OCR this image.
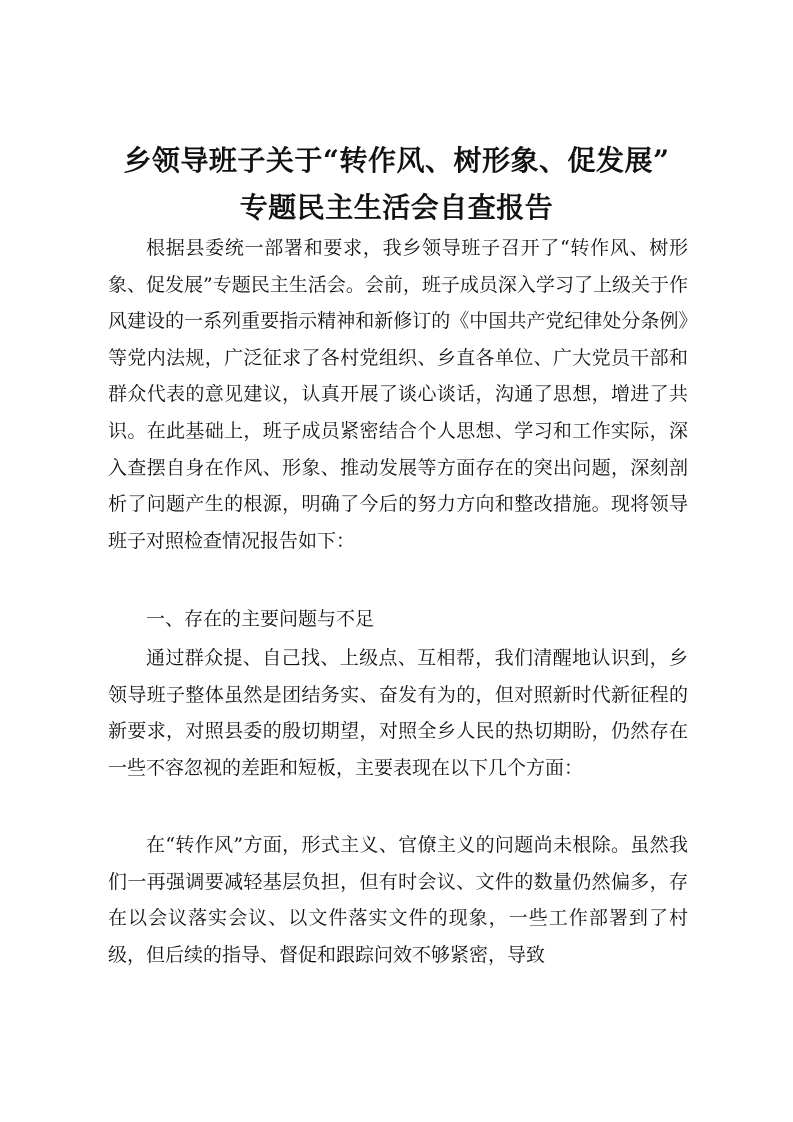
乡领导班子关于“转作风、树形象、促发展”
专题民主生活会自查报告

根据县委统一部署和要求，我乡领导班子召开了“转作风、树形象、促发展”专题民主生活会。会前，班子成员深入学习了上级关于作风建设的一系列重要指示精神和新修订的《中国共产党纪律处分条例》等党内法规，广泛征求了各村党组织、乡直各单位、广大党员干部和群众代表的意见建议，认真开展了谈心谈话，沟通了思想，增进了共识。在此基础上，班子成员紧密结合个人思想、学习和工作实际，深入查摆自身在作风、形象、推动发展等方面存在的突出问题，深刻剖析了问题产生的根源，明确了今后的努力方向和整改措施。现将领导班子对照检查情况报告如下：

一、存在的主要问题与不足

通过群众提、自己找、上级点、互相帮，我们清醒地认识到，乡领导班子整体虽然是团结务实、奋发有为的，但对照新时代新征程的新要求，对照县委的殷切期望，对照全乡人民的热切期盼，仍然存在一些不容忽视的差距和短板，主要表现在以下几个方面：

在“转作风”方面，形式主义、官僚主义的问题尚未根除。虽然我们一再强调要减轻基层负担，但有时会议、文件的数量仍然偏多，存在以会议落实会议、以文件落实文件的现象，一些工作部署到了村级，但后续的指导、督促和跟踪问效不够紧密，导致
